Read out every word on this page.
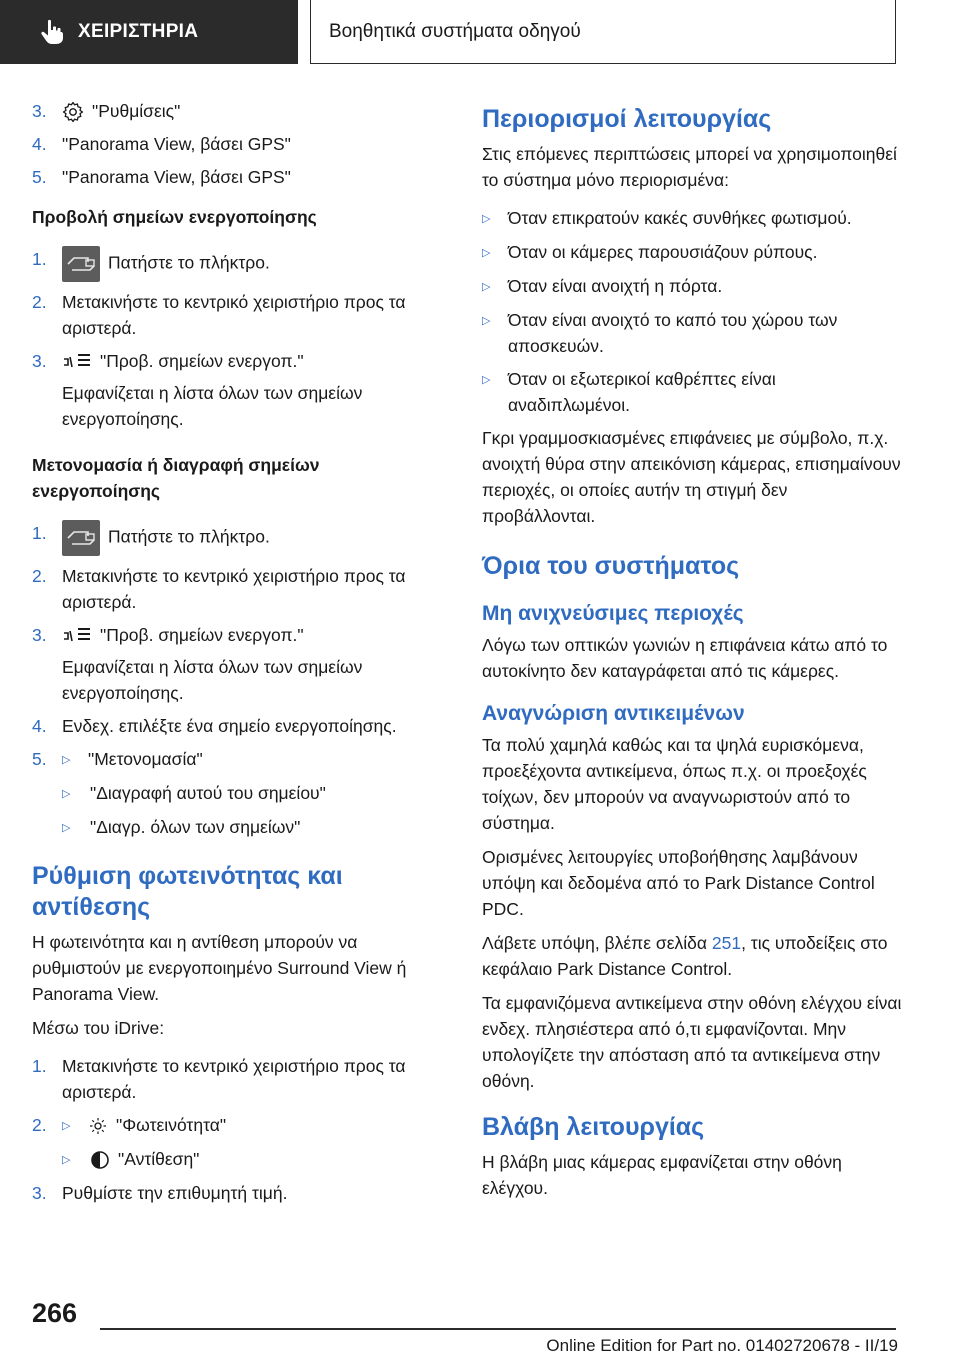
ΧΕΙΡΙΣΤΗΡΙΑ	Βοηθητικά συστήματα οδηγού
3.	"Ρυθμίσεις"
4. "Panorama View, βάσει GPS"
5. "Panorama View, βάσει GPS"
Προβολή σημείων ενεργοποίησης
1.	Πατήστε το πλήκτρο.
2. Μετακινήστε το κεντρικό χειριστήριο προς τα αριστερά.
3.	"Προβ. σημείων ενεργοπ."
Εμφανίζεται η λίστα όλων των σημείων ενεργοποίησης.
Μετονομασία ή διαγραφή σημείων ενεργοποίησης
1.	Πατήστε το πλήκτρο.
2. Μετακινήστε το κεντρικό χειριστήριο προς τα αριστερά.
3.	"Προβ. σημείων ενεργοπ."
Εμφανίζεται η λίστα όλων των σημείων ενεργοποίησης.
4. Ενδεχ. επιλέξτε ένα σημείο ενεργοποίησης.
5.	▷	"Μετονομασία"
▷	"Διαγραφή αυτού του σημείου"
▷	"Διαγρ. όλων των σημείων"
Ρύθμιση φωτεινότητας και αντίθεσης
Η φωτεινότητα και η αντίθεση μπορούν να ρυθμιστούν με ενεργοποιημένο Surround View ή Panorama View.
Μέσω του iDrive:
1. Μετακινήστε το κεντρικό χειριστήριο προς τα αριστερά.
2.	▷	"Φωτεινότητα"
▷	"Αντίθεση"
3. Ρυθμίστε την επιθυμητή τιμή.
Περιορισμοί λειτουργίας
Στις επόμενες περιπτώσεις μπορεί να χρησιμοποιηθεί το σύστημα μόνο περιορισμένα:
▷	Όταν επικρατούν κακές συνθήκες φωτισμού.
▷	Όταν οι κάμερες παρουσιάζουν ρύπους.
▷	Όταν είναι ανοιχτή η πόρτα.
▷	Όταν είναι ανοιχτό το καπό του χώρου των αποσκευών.
▷	Όταν οι εξωτερικοί καθρέπτες είναι αναδιπλωμένοι.
Γκρι γραμμοσκιασμένες επιφάνειες με σύμβολο, π.χ. ανοιχτή θύρα στην απεικόνιση κάμερας, επισημαίνουν περιοχές, οι οποίες αυτήν τη στιγμή δεν προβάλλονται.
Όρια του συστήματος
Μη ανιχνεύσιμες περιοχές
Λόγω των οπτικών γωνιών η επιφάνεια κάτω από το αυτοκίνητο δεν καταγράφεται από τις κάμερες.
Αναγνώριση αντικειμένων
Τα πολύ χαμηλά καθώς και τα ψηλά ευρισκόμενα, προεξέχοντα αντικείμενα, όπως π.χ. οι προεξοχές τοίχων, δεν μπορούν να αναγνωριστούν από το σύστημα.
Ορισμένες λειτουργίες υποβοήθησης λαμβάνουν υπόψη και δεδομένα από το Park Distance Control PDC.
Λάβετε υπόψη, βλέπε σελίδα 251, τις υποδείξεις στο κεφάλαιο Park Distance Control.
Τα εμφανιζόμενα αντικείμενα στην οθόνη ελέγχου είναι ενδεχ. πλησιέστερα από ό,τι εμφανίζονται. Μην υπολογίζετε την απόσταση από τα αντικείμενα στην οθόνη.
Βλάβη λειτουργίας
Η βλάβη μιας κάμερας εμφανίζεται στην οθόνη ελέγχου.
266
Online Edition for Part no. 01402720678 - II/19
